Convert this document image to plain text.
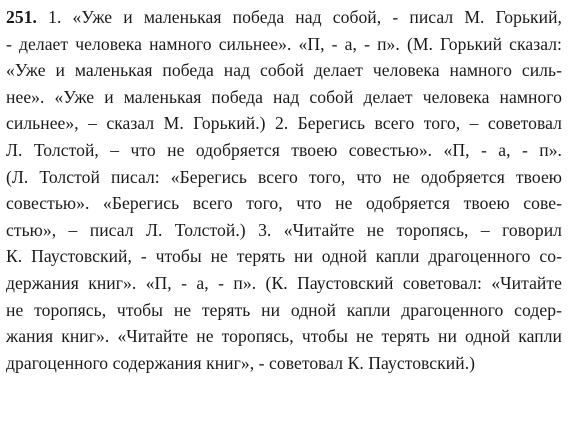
251. 1. «Уже и маленькая победа над собой, - писал М. Горький,
- делает человека намного сильнее». «П, - а, - п». (М. Горький сказал:
«Уже и маленькая победа над собой делает человека намного силь-
нее». «Уже и маленькая победа над собой делает человека намного
сильнее», – сказал М. Горький.) 2. Берегись всего того, – советовал
Л. Толстой, – что не одобряется твоею совестью». «П, - а, - п».
(Л. Толстой писал: «Берегись всего того, что не одобряется твоею
совестью». «Берегись всего того, что не одобряется твоею сове-
стью», – писал Л. Толстой.) 3. «Читайте не торопясь, – говорил
К. Паустовский, - чтобы не терять ни одной капли драгоценного со-
держания книг». «П, - а, - п». (К. Паустовский советовал: «Читайте
не торопясь, чтобы не терять ни одной капли драгоценного содер-
жания книг». «Читайте не торопясь, чтобы не терять ни одной капли
драгоценного содержания книг», - советовал К. Паустовский.)
